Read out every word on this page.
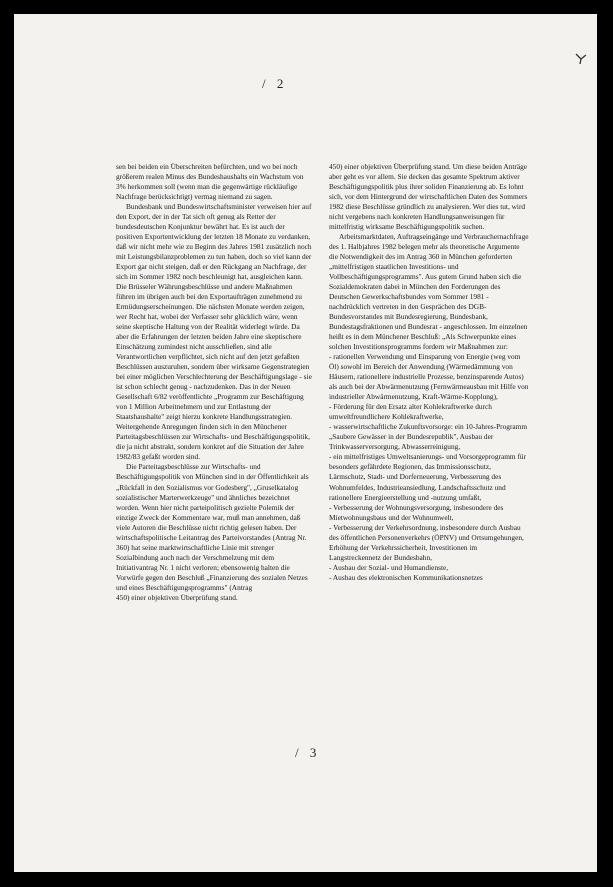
/ 2

sen bei beiden ein Überschreiten befürchten, und wo bei noch größerem realen Minus des Bundeshaushalts ein Wachstum von 3% herkommen soll (wenn man die gegenwärtige rückläufige Nachfrage berücksichtigt) vermag niemand zu sagen.

Bundesbank und Bundeswirtschaftsminister verweisen hier auf den Export, der in der Tat sich oft genug als Retter der bundesdeutschen Konjunktur bewährt hat. Es ist auch der positiven Exportentwicklung der letzten 18 Monate zu verdanken, daß wir nicht mehr wie zu Beginn des Jahres 1981 zusätzlich noch mit Leistungsbilanzproblemen zu tun haben, doch so viel kann der Export gar nicht steigen, daß er den Rückgang an Nachfrage, der sich im Sommer 1982 noch beschleunigt hat, ausgleichen kann. Die Brüsseler Währungsbeschlüsse und andere Maßnahmen führen im übrigen auch bei den Exportaufträgen zunehmend zu Ermüdungserscheinungen. Die nächsten Monate werden zeigen, wer Recht hat, wobei der Verfasser sehr glücklich wäre, wenn seine skeptische Haltung von der Realität widerlegt würde. Da aber die Erfahrungen der letzten beiden Jahre eine skeptischere Einschätzung zumindest nicht ausschließen, sind alle Verantwortlichen verpflichtet, sich nicht auf den jetzt gefaßten Beschlüssen auszuruhen, sondern über wirksame Gegenstrategien bei einer möglichen Verschlechterung der Beschäftigungslage - sie ist schon schlecht genug - nachzudenken. Das in der Neuen Gesellschaft 6/82 veröffentlichte „Programm zur Beschäftigung von 1 Million Arbeitnehmern und zur Entlastung der Staatshaushalte" zeigt hierzu konkrete Handlungsstrategien. Weitergehende Anregungen finden sich in den Münchener Parteitagsbeschlüssen zur Wirtschafts- und Beschäftigungspolitik, die ja nicht abstrakt, sondern konkret auf die Situation der Jahre 1982/83 gefaßt worden sind.

Die Parteitagsbeschlüsse zur Wirtschafts- und Beschäftigungspolitik von München sind in der Öffentlichkeit als „Rückfall in den Sozialismus vor Godesberg", „Gruselkatalog sozialistischer Marterwerkzeuge" und ähnliches bezeichnet worden. Wenn hier nicht parteipolitisch gezielte Polemik der einzige Zweck der Kommentare war, muß man annehmen, daß viele Autoren die Beschlüsse nicht richtig gelesen haben. Der wirtschaftspolitische Leitantrag des Parteivorstandes (Antrag Nr. 360) hat seine marktwirtschaftliche Linie mit strenger Sozialbindung auch nach der Verschmelzung mit dem Initiativantrag Nr. 1 nicht verloren; ebensowenig halten die Vorwürfe gegen den Beschluß „Finanzierung des sozialen Netzes und eines Beschäftigungsprogramms" (Antrag

450) einer objektiven Überprüfung stand.

450) einer objektiven Überprüfung stand. Um diese beiden Anträge aber geht es vor allem. Sie decken das gesamte Spektrum aktiver Beschäftigungspolitik plus ihrer soliden Finanzierung ab. Es lohnt sich, vor dem Hintergrund der wirtschaftlichen Daten des Sommers 1982 diese Beschlüsse gründlich zu analysieren. Wer dies tut, wird nicht vergebens nach konkreten Handlungsanweisungen für mittelfristig wirksame Beschäftigungspolitik suchen.

Arbeitsmarktdaten, Auftragseingänge und Verbrauchernachfrage des 1. Halbjahres 1982 belegen mehr als theoretische Argumente die Notwendigkeit des im Antrag 360 in München geforderten „mittelfristigen staatlichen Investitions- und Vollbeschäftigungsprogramms". Aus gutem Grund haben sich die Sozialdemokraten dabei in München den Forderungen des Deutschen Gewerkschaftsbundes vom Sommer 1981 - nachdrücklich vertreten in den Gesprächen des DGB-Bundesvorstandes mit Bundesregierung, Bundesbank, Bundestagsfraktionen und Bundesrat - angeschlossen. Im einzelnen heißt es in dem Münchener Beschluß: „Als Schwerpunkte eines solchen Investitionsprogramms fordern wir Maßnahmen zur:

- rationellen Verwendung und Einsparung von Energie (weg vom Öl) sowohl im Bereich der Anwendung (Wärmedämmung von Häusern, rationellere industrielle Prozesse, benzinsparende Autos) als auch bei der Abwärmenutzung (Fernwärmeausbau mit Hilfe von industrieller Abwärmenutzung, Kraft-Wärme-Kopplung),

- Förderung für den Ersatz alter Kohlekraftwerke durch umweltfreundlichere Kohlekraftwerke,

- wasserwirtschaftliche Zukunftsvorsorge: ein 10-Jahres-Programm „Saubere Gewässer in der Bundesrepublik", Ausbau der Trinkwasserversorgung, Abwasserreinigung,

- ein mittelfristiges Umweltsanierungs- und Vorsorgeprogramm für besonders gefährdete Regionen, das Immissionsschutz, Lärmschutz, Stadt- und Dorferneuerung, Verbesserung des Wohnumfeldes, Industrieansiedlung, Landschaftsschutz und rationellere Energieerstellung und -nutzung umfaßt,

- Verbesserung der Wohnungsversorgung, insbesondere des Mietwohnungsbaus und der Wohnumwelt,

- Verbesserung der Verkehrsordnung, insbesondere durch Ausbau des öffentlichen Personenverkehrs (ÖPNV) und Ortsumgehungen, Erhöhung der Verkehrssicherheit, Investitionen im Langstreckennetz der Bundesbahn,

- Ausbau der Sozial- und Humandienste,

- Ausbau des elektronischen Kommunikationsnetzes

/ 3
